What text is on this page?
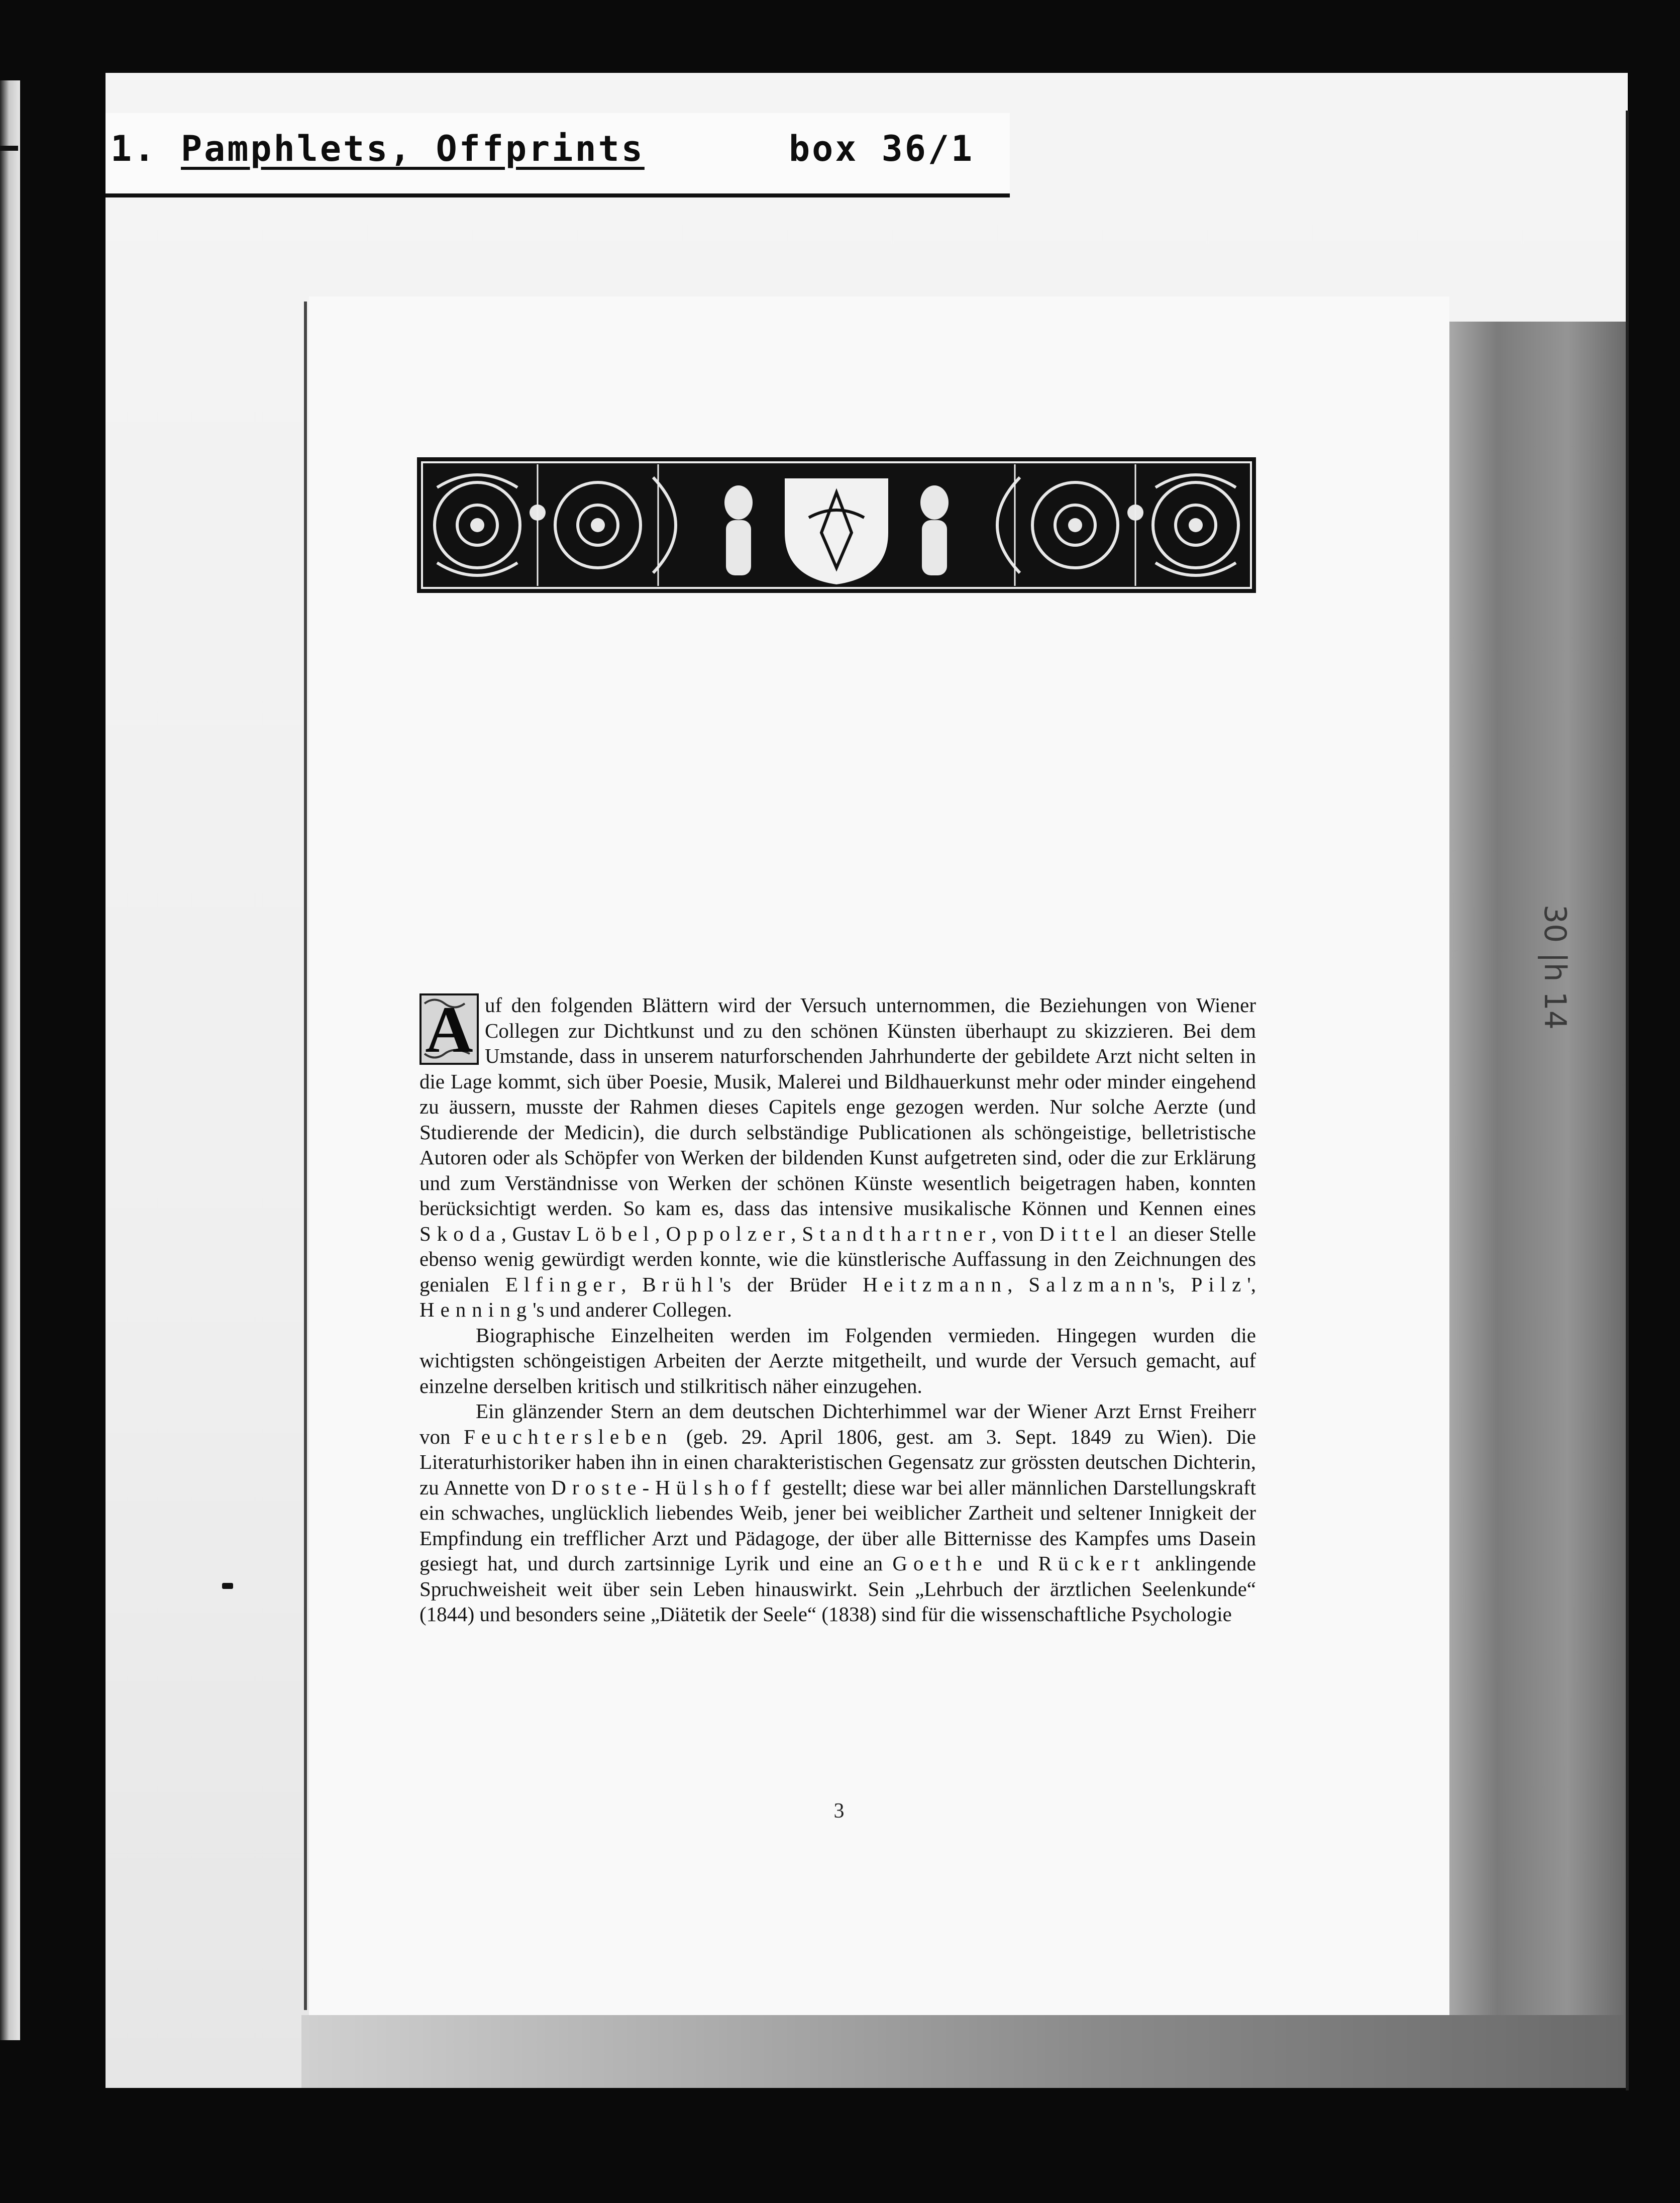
1. Pamphlets, Offprints	box 36/1
30 |h 14

A uf den folgenden Blättern wird der Versuch unternommen, die Beziehungen von Wiener Collegen zur Dichtkunst und zu den schönen Künsten überhaupt zu skizzieren. Bei dem Umstande, dass in unserem naturforschenden Jahrhunderte der gebildete Arzt nicht selten in die Lage kommt, sich über Poesie, Musik, Malerei und Bildhauerkunst mehr oder minder eingehend zu äussern, musste der Rahmen dieses Capitels enge gezogen werden. Nur solche Aerzte (und Studierende der Medicin), die durch selbständige Publicationen als schöngeistige, belletristische Autoren oder als Schöpfer von Werken der bildenden Kunst aufgetreten sind, oder die zur Erklärung und zum Verständnisse von Werken der schönen Künste wesentlich beigetragen haben, konnten berücksichtigt werden. So kam es, dass das intensive musikalische Können und Kennen eines Skoda, Gustav Löbel, Oppolzer, Standthartner, von Dittel an dieser Stelle ebenso wenig gewürdigt werden konnte, wie die künstlerische Auffassung in den Zeichnungen des genialen Elfinger, Brühl's der Brüder Heitzmann, Salzmann's, Pilz', Henning's und anderer Collegen.

Biographische Einzelheiten werden im Folgenden vermieden. Hingegen wurden die wichtigsten schöngeistigen Arbeiten der Aerzte mitgetheilt, und wurde der Versuch gemacht, auf einzelne derselben kritisch und stilkritisch näher einzugehen.

Ein glänzender Stern an dem deutschen Dichterhimmel war der Wiener Arzt Ernst Freiherr von Feuchtersleben (geb. 29. April 1806, gest. am 3. Sept. 1849 zu Wien). Die Literaturhistoriker haben ihn in einen charakteristischen Gegensatz zur grössten deutschen Dichterin, zu Annette von Droste-Hülshoff gestellt; diese war bei aller männlichen Darstellungskraft ein schwaches, unglücklich liebendes Weib, jener bei weiblicher Zartheit und seltener Innigkeit der Empfindung ein trefflicher Arzt und Pädagoge, der über alle Bitternisse des Kampfes ums Dasein gesiegt hat, und durch zartsinnige Lyrik und eine an Goethe und Rückert anklingende Spruchweisheit weit über sein Leben hinauswirkt. Sein „Lehrbuch der ärztlichen Seelenkunde“ (1844) und besonders seine „Diätetik der Seele“ (1838) sind für die wissenschaftliche Psychologie

3
